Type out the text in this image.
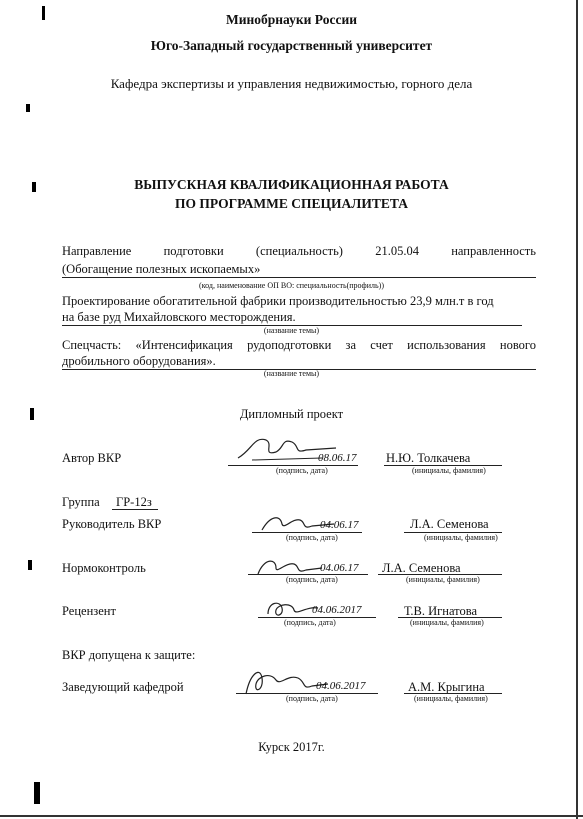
Минобрнауки России
Юго-Западный государственный университет
Кафедра экспертизы и управления недвижимостью, горного дела
ВЫПУСКНАЯ КВАЛИФИКАЦИОННАЯ РАБОТА
ПО ПРОГРАММЕ СПЕЦИАЛИТЕТА
Направление	подготовки	(специальность)	21.05.04	направленность
(Обогащение полезных ископаемых»
(код, наименование ОП ВО: специальность(профиль))
Проектирование обогатительной фабрики производительностью 23,9 млн.т в год
на базе руд Михайловского месторождения.
(название темы)
Спецчасть: «Интенсификация рудоподготовки за счет использования нового
дробильного оборудования».
(название темы)
Дипломный проект
Автор ВКР	08.06.17
(подпись, дата)
Н.Ю. Толкачева
(инициалы, фамилия)
Группа ГР-12з
Руководитель ВКР	04.06.17
(подпись, дата)
Л.А. Семенова
(инициалы, фамилия)
Нормоконтроль	04.06.17
(подпись, дата)
Л.А. Семенова
(инициалы, фамилия)
Рецензент	04.06.2017
(подпись, дата)
Т.В. Игнатова
(инициалы, фамилия)
ВКР допущена к защите:
Заведующий кафедрой	04.06.2017
(подпись, дата)
А.М. Крыгина
(инициалы, фамилия)
Курск 2017г.
